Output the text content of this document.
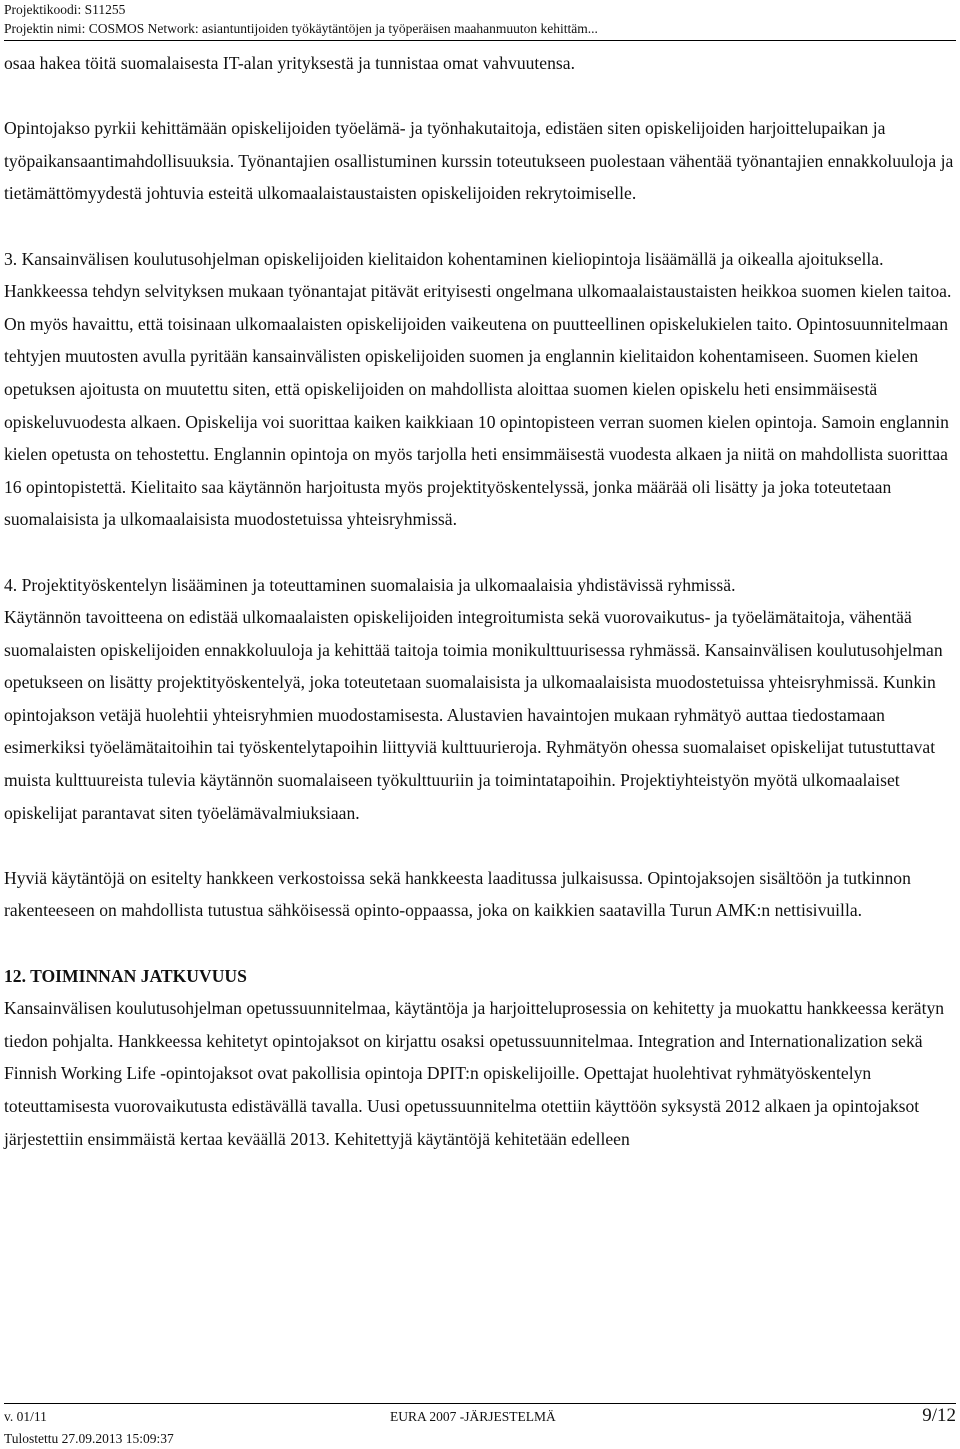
Projektikoodi: S11255
Projektin nimi: COSMOS Network: asiantuntijoiden työkäytäntöjen ja työperäisen maahanmuuton kehittäm...

osaa hakea töitä suomalaisesta IT-alan yrityksestä ja tunnistaa omat vahvuutensa.

Opintojakso pyrkii kehittämään opiskelijoiden työelämä- ja työnhakutaitoja, edistäen siten opiskelijoiden harjoittelupaikan ja työpaikansaantimahdollisuuksia. Työnantajien osallistuminen kurssin toteutukseen puolestaan vähentää työnantajien ennakkoluuloja ja tietämättömyydestä johtuvia esteitä ulkomaalaistaustaisten opiskelijoiden rekrytoimiselle.

3. Kansainvälisen koulutusohjelman opiskelijoiden kielitaidon kohentaminen kieliopintoja lisäämällä ja oikealla ajoituksella.

Hankkeessa tehdyn selvityksen mukaan työnantajat pitävät erityisesti ongelmana ulkomaalaistaustaisten heikkoa suomen kielen taitoa. On myös havaittu, että toisinaan ulkomaalaisten opiskelijoiden vaikeutena on puutteellinen opiskelukielen taito. Opintosuunnitelmaan tehtyjen muutosten avulla pyritään kansainvälisten opiskelijoiden suomen ja englannin kielitaidon kohentamiseen. Suomen kielen opetuksen ajoitusta on muutettu siten, että opiskelijoiden on mahdollista aloittaa suomen kielen opiskelu heti ensimmäisestä opiskeluvuodesta alkaen. Opiskelija voi suorittaa kaiken kaikkiaan 10 opintopisteen verran suomen kielen opintoja. Samoin englannin kielen opetusta on tehostettu. Englannin opintoja on myös tarjolla heti ensimmäisestä vuodesta alkaen ja niitä on mahdollista suorittaa 16 opintopistettä. Kielitaito saa käytännön harjoitusta myös projektityöskentelyssä, jonka määrää oli lisätty ja joka toteutetaan suomalaisista ja ulkomaalaisista muodostetuissa yhteisryhmissä.

4. Projektityöskentelyn lisääminen ja toteuttaminen suomalaisia ja ulkomaalaisia yhdistävissä ryhmissä.

Käytännön tavoitteena on edistää ulkomaalaisten opiskelijoiden integroitumista sekä vuorovaikutus- ja työelämätaitoja, vähentää suomalaisten opiskelijoiden ennakkoluuloja ja kehittää taitoja toimia monikulttuurisessa ryhmässä. Kansainvälisen koulutusohjelman opetukseen on lisätty projektityöskentelyä, joka toteutetaan suomalaisista ja ulkomaalaisista muodostetuissa yhteisryhmissä. Kunkin opintojakson vetäjä huolehtii yhteisryhmien muodostamisesta. Alustavien havaintojen mukaan ryhmätyö auttaa tiedostamaan esimerkiksi työelämätaitoihin tai työskentelytapoihin liittyviä kulttuurieroja. Ryhmätyön ohessa suomalaiset opiskelijat tutustuttavat muista kulttuureista tulevia käytännön suomalaiseen työkulttuuriin ja toimintatapoihin. Projektiyhteistyön myötä ulkomaalaiset opiskelijat parantavat siten työelämävalmiuksiaan.

Hyviä käytäntöjä on esitelty hankkeen verkostoissa sekä hankkeesta laaditussa julkaisussa. Opintojaksojen sisältöön ja tutkinnon rakenteeseen on mahdollista tutustua sähköisessä opinto-oppaassa, joka on kaikkien saatavilla Turun AMK:n nettisivuilla.

12. TOIMINNAN JATKUVUUS

Kansainvälisen koulutusohjelman opetussuunnitelmaa, käytäntöja ja harjoitteluprosessia on kehitetty ja muokattu hankkeessa kerätyn tiedon pohjalta. Hankkeessa kehitetyt opintojaksot on kirjattu osaksi opetussuunnitelmaa. Integration and Internationalization sekä Finnish Working Life -opintojaksot ovat pakollisia opintoja DPIT:n opiskelijoille. Opettajat huolehtivat ryhmätyöskentelyn toteuttamisesta vuorovaikutusta edistävällä tavalla. Uusi opetussuunnitelma otettiin käyttöön syksystä 2012 alkaen ja opintojaksot järjestettiin ensimmäistä kertaa keväällä 2013. Kehitettyjä käytäntöjä kehitetään edelleen

v. 01/11
Tulostettu 27.09.2013 15:09:37
EURA 2007 -JÄRJESTELMÄ	9/12
